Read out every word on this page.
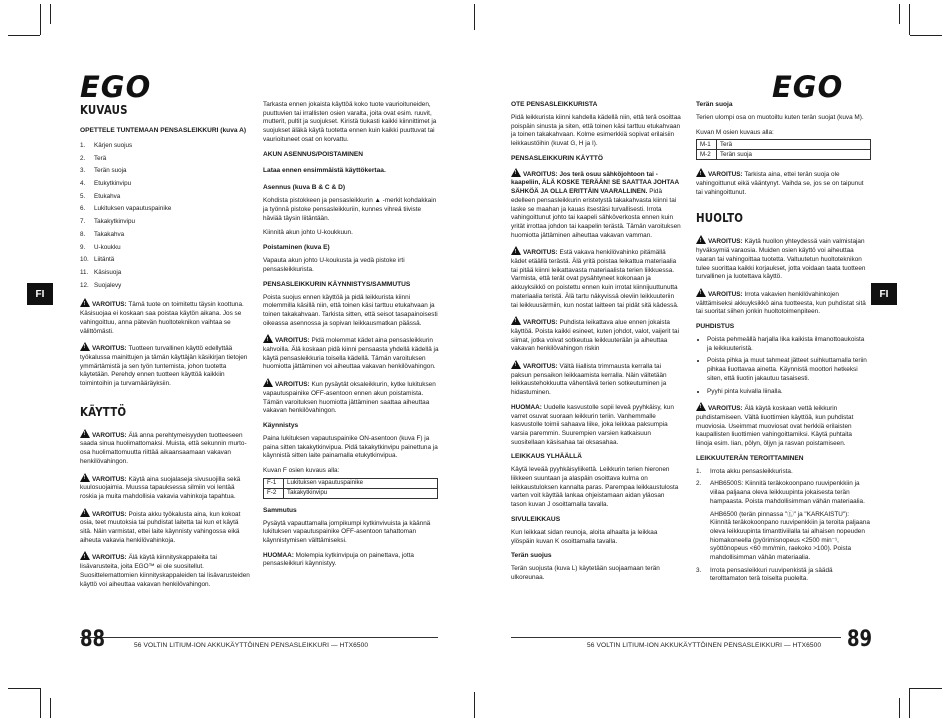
EGO	EGO
FI	FI
KUVAUS
OPETTELE TUNTEMAAN PENSASLEIKKURI (kuva A)
1.	Kärjen suojus
2.	Terä
3.	Terän suoja
4.	Etukytkinvipu
5.	Etukahva
6.	Lukituksen vapautuspainike
7.	Takakytkinvipu
8.	Takakahva
9.	U-koukku
10. Liitäntä
11. Käsisuoja
12. Suojalevy

!VAROITUS: Tämä tuote on toimitettu täysin koottuna. Käsisuojaa ei koskaan saa poistaa käytön aikana. Jos se vahingoittuu, anna pätevän huoltoteknikon vaihtaa se välittömästi.

!VAROITUS: Tuotteen turvallinen käyttö edellyttää työkalussa mainittujen ja tämän käyttäjän käsikirjan tietojen ymmärtämistä ja sen työn tuntemista, johon tuotetta käytetään. Perehdy ennen tuotteen käyttöä kaikkiin toimintoihin ja turvamääräyksiin.

KÄYTTÖ

!VAROITUS: Älä anna perehtymeisyyden tuotteeseen saada sinua huolimattomaksi. Muista, että sekunnin murto-osa huolimattomuutta riittää aikaansaamaan vakavan henkilövahingon.

!VAROITUS: Käytä aina suojalaseja sivusuojilla sekä kuulosuojaimia. Muussa tapauksessa silmiin voi lentää roskia ja muita mahdollisia vakavia vahinkoja tapahtua.

!VAROITUS: Poista akku työkalusta aina, kun kokoat osia, teet muutoksia tai puhdistat laitetta tai kun et käytä sitä. Näin varmistat, ettei laite käynnisty vahingossa eikä aiheuta vakavia henkilövahinkoja.

!VAROITUS: Älä käytä kiinnityskappaleita tai lisävarusteita, joita EGO™ ei ole suositellut. Suosittelemattomien kiinnityskappaleiden tai lisävarusteiden käyttö voi aiheuttaa vakavan henkilövahingon.

Tarkasta ennen jokaista käyttöä koko tuote vaurioituneiden, puuttuvien tai irrallisten osien varalta, joita ovat esim. ruuvit, mutterit, pultit ja suojukset. Kiristä tiukasti kaikki kiinnittimet ja suojukset äläkä käytä tuotetta ennen kuin kaikki puuttuvat tai vaurioituneet osat on korvattu.

AKUN ASENNUS/POISTAMINEN
Lataa ennen ensimmäistä käyttökertaa.
Asennus (kuva B & C & D)

Kohdista pistokkeen ja pensasleikkurin ▲ -merkit kohdakkain ja työnnä pistoke pensasleikkuriin, kunnes vihreä tiiviste häviää täysin liitäntään.

Kiinnitä akun johto U-koukkuun.

Poistaminen (kuva E)

Vapauta akun johto U-koukusta ja vedä pistoke irti pensasleikkurista.

PENSASLEIKKURIN KÄYNNISTYS/SAMMUTUS

Poista suojus ennen käyttöä ja pidä leikkurista kiinni molemmilla käsillä niin, että toinen käsi tarttuu etukahvaan ja toinen takakahvaan. Tarkista sitten, että seisot tasapainoisesti oikeassa asennossa ja sopivan leikkausmatkan päässä.

!VAROITUS: Pidä molemmat kädet aina pensasleikkurin kahvoilla. Älä koskaan pidä kiinni pensaasta yhdellä kädellä ja käytä pensasleikkuria toisella kädellä. Tämän varoituksen huomiotta jättäminen voi aiheuttaa vakavan henkilövahingon.

!VAROITUS: Kun pysäytät oksaleikkurin, kytke lukituksen vapautuspainike OFF-asentoon ennen akun poistamista. Tämän varoituksen huomiotta jättäminen saattaa aiheuttaa vakavan henkilövahingon.

Käynnistys

Paina lukituksen vapautuspainike ON-asentoon (kuva F) ja paina sitten takakytkinvipua. Pidä takakytkinvipu painettuna ja käynnistä sitten laite painamalla etukytkinvipua.

Kuvan F osien kuvaus alla:

F-1	Lukituksen vapautuspainike
F-2	Takakytkinvipu
Sammutus

Pysäytä vapauttamalla jompikumpi kytkinvivuista ja käännä lukituksen vapautuspainike OFF-asentoon tahattoman käynnistymisen välttämiseksi.

HUOMAA: Molempia kytkinvipuja on painettava, jotta pensasleikkuri käynnistyy.

OTE PENSASLEIKKURISTA

Pidä leikkurista kiinni kahdella kädellä niin, että terä osoittaa poispäin sinusta ja siten, että toinen käsi tarttuu etukahvaan ja toinen takakahvaan. Kolme esimerkkiä sopivat erilaisiin leikkaustöihin (kuvat G, H ja I).

PENSASLEIKKURIN KÄYTTÖ

!VAROITUS: Jos terä osuu sähköjohtoon tai -kaapeliin, ÄLÄ KOSKE TERÄÄN! SE SAATTAA JOHTAA SÄHKÖÄ JA OLLA ERITTÄIN VAARALLINEN. Pidä edelleen pensasleikkurin eristetystä takakahvasta kiinni tai laske se maahan ja kauas itsestäsi turvallisesti. Irrota vahingoittunut johto tai kaapeli sähköverkosta ennen kuin yrität irrottaa johdon tai kaapelin terästä. Tämän varoituksen huomiotta jättäminen aiheuttaa vakavan vamman.

!VAROITUS: Estä vakava henkilövahinko pitämällä kädet etäällä terästä. Älä yritä poistaa leikattua materiaalia tai pitää kiinni leikattavasta materiaalista terien liikkuessa. Varmista, että terät ovat pysähtyneet kokonaan ja akkuyksikkö on poistettu ennen kuin irrotat kiinnijuuttunutta materiaalia teristä. Älä tartu näkyvissä oleviin leikkuuteriin tai leikkuusärmiin, kun nostat laitteen tai pidät sitä kädessä.

!VAROITUS: Puhdista leikattava alue ennen jokaista käyttöä. Poista kaikki esineet, kuten johdot, valot, vaijerit tai siimat, jotka voivat sotkeutua leikkuuterään ja aiheuttaa vakavan henkilövahingon riskin

!VAROITUS: Vältä liiallista trimmausta kerralla tai paksun pensaikon leikkaamista kerralla. Näin vältetään leikkaustehokkuutta vähentävä terien sotkeutuminen ja hidastuminen.

HUOMAA: Uudelle kasvustolle sopii leveä pyyhkäisy, kun varret osuvat suoraan leikkurin teriin. Vanhemmalle kasvustolle toimii sahaava liike, joka leikkaa paksumpia varsia paremmin. Suurempien varsien katkaisuun suositellaan käsisahaa tai oksasahaa.

LEIKKAUS YLHÄÄLLÄ

Käytä leveää pyyhkäisyliikettä. Leikkurin terien hieronen liikkeen suuntaan ja alaspäin osoittava kulma on leikkaustuloksen kannalta paras. Parempaa leikkaustulosta varten voit käyttää lankaa ohjeistamaan aidan yläosan tason kuvan J osoittamalla tavalla.

SIVULEIKKAUS

Kun leikkaat sidan reunoja, aloita alhaalta ja leikkaa ylöspäin kuvan K osoittamalla tavalla.

Terän suojus

Terän suojusta (kuva L) käytetään suojaamaan terän ulkoreunaa.

Terän suoja

Terien ulompi osa on muotoiltu kuten terän suojat (kuva M).

Kuvan M osien kuvaus alla:

M-1	Terä
M-2	Terän suoja

!VAROITUS: Tarkista aina, ettei terän suoja ole vahingoittunut eikä vääntynyt. Vaihda se, jos se on taipunut tai vahingoittunut.

HUOLTO

!VAROITUS: Käytä huollon yhteydessä vain valmistajan hyväksymiä varaosia. Muiden osien käyttö voi aiheuttaa vaaran tai vahingoittaa tuotetta. Valtuutetun huoltoteknikon tulee suorittaa kaikki korjaukset, jotta voidaan taata tuotteen turvallinen ja luotettava käyttö.

!VAROITUS: Irrota vakavien henkilövahinkojen välttämiseksi akkuyksikkö aina tuotteesta, kun puhdistat sitä tai suoritat siihen jonkin huoltotoimenpiteen.

PUHDISTUS
• Poista pehmeällä harjalla lika kaikista ilmanottoaukoista ja leikkuuteristä.
• Poista pihka ja muut tahmeat jätteet suihkuttamalla teriin pihkaa liuottavaa ainetta. Käynnistä moottori hetkeksi siten, että liuotin jakautuu tasaisesti.
• Pyyhi pinta kuivalla liinalla.

!VAROITUS: Älä käytä koskaan vettä leikkurin puhdistamiseen. Vältä liuottimien käyttöä, kun puhdistat muoviosia. Useimmat muoviosat ovat herkkiä erilaisten kaupallisten liuottimien vahingoittamiksi. Käytä puhtaita liinoja esim. lian, pölyn, öljyn ja rasvan poistamiseen.

LEIKKUUTERÄN TEROITTAMINEN
1.	Irrota akku pensasleikkurista.
2.	AHB6500S: Kiinnitä teräkokoonpano ruuvipenkkiin ja viilaa paljaana oleva leikkuupinta jokaisesta terän hampaasta. Poista mahdollisimman vähän materiaalia.
AHB6500 (terän pinnassa "Ⓛ" ja "KARKAISTU"): Kiinnitä teräkokoonpano ruuvipenkkiin ja teroita paljaana oleva leikkuupinta timanttiviilalla tai alhaisen nopeuden hiomakoneella (pyörimisnopeus <2500 min⁻¹, syöttönopeus <60 mm/min, raekoko >100). Poista mahdollisimman vähän materiaalia.
3.	Irrota pensasleikkuri ruuvipenkistä ja säädä terolttamaton terä toiselta puolelta.
88	56 VOLTIN LITIUM-ION AKKUKÄYTTÖINEN PENSASLEIKKURI — HTX6500	56 VOLTIN LITIUM-ION AKKUKÄYTTÖINEN PENSASLEIKKURI — HTX6500 89
